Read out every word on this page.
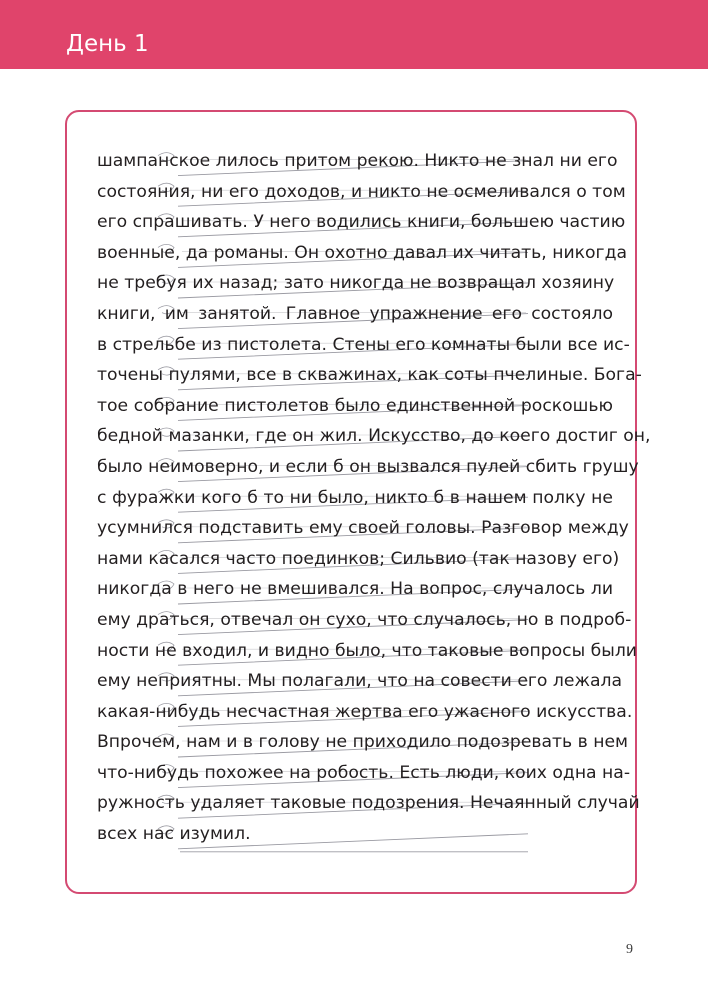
День 1
шампанское лилось притом рекою. Никто не знал ни его
состояния, ни его доходов, и никто не осмеливался о том
его спрашивать. У него водились книги, большею частию
военные, да романы. Он охотно давал их читать, никогда
не требуя их назад; зато никогда не возвращал хозяину
книги, им занятой. Главное упражнение его состояло
в стрельбе из пистолета. Стены его комнаты были все ис-
точены пулями, все в скважинах, как соты пчелиные. Бога-
тое собрание пистолетов было единственной роскошью
бедной мазанки, где он жил. Искусство, до коего достиг он,
было неимоверно, и если б он вызвался пулей сбить грушу
с фуражки кого б то ни было, никто б в нашем полку не
усумнился подставить ему своей головы. Разговор между
нами касался часто поединков; Сильвио (так назову его)
никогда в него не вмешивался. На вопрос, случалось ли
ему драться, отвечал он сухо, что случалось, но в подроб-
ности не входил, и видно было, что таковые вопросы были
ему неприятны. Мы полагали, что на совести его лежала
какая-нибудь несчастная жертва его ужасного искусства.
Впрочем, нам и в голову не приходило подозревать в нем
что-нибудь похожее на робость. Есть люди, коих одна на-
ружность удаляет таковые подозрения. Нечаянный случай
всех нас изумил.
9
